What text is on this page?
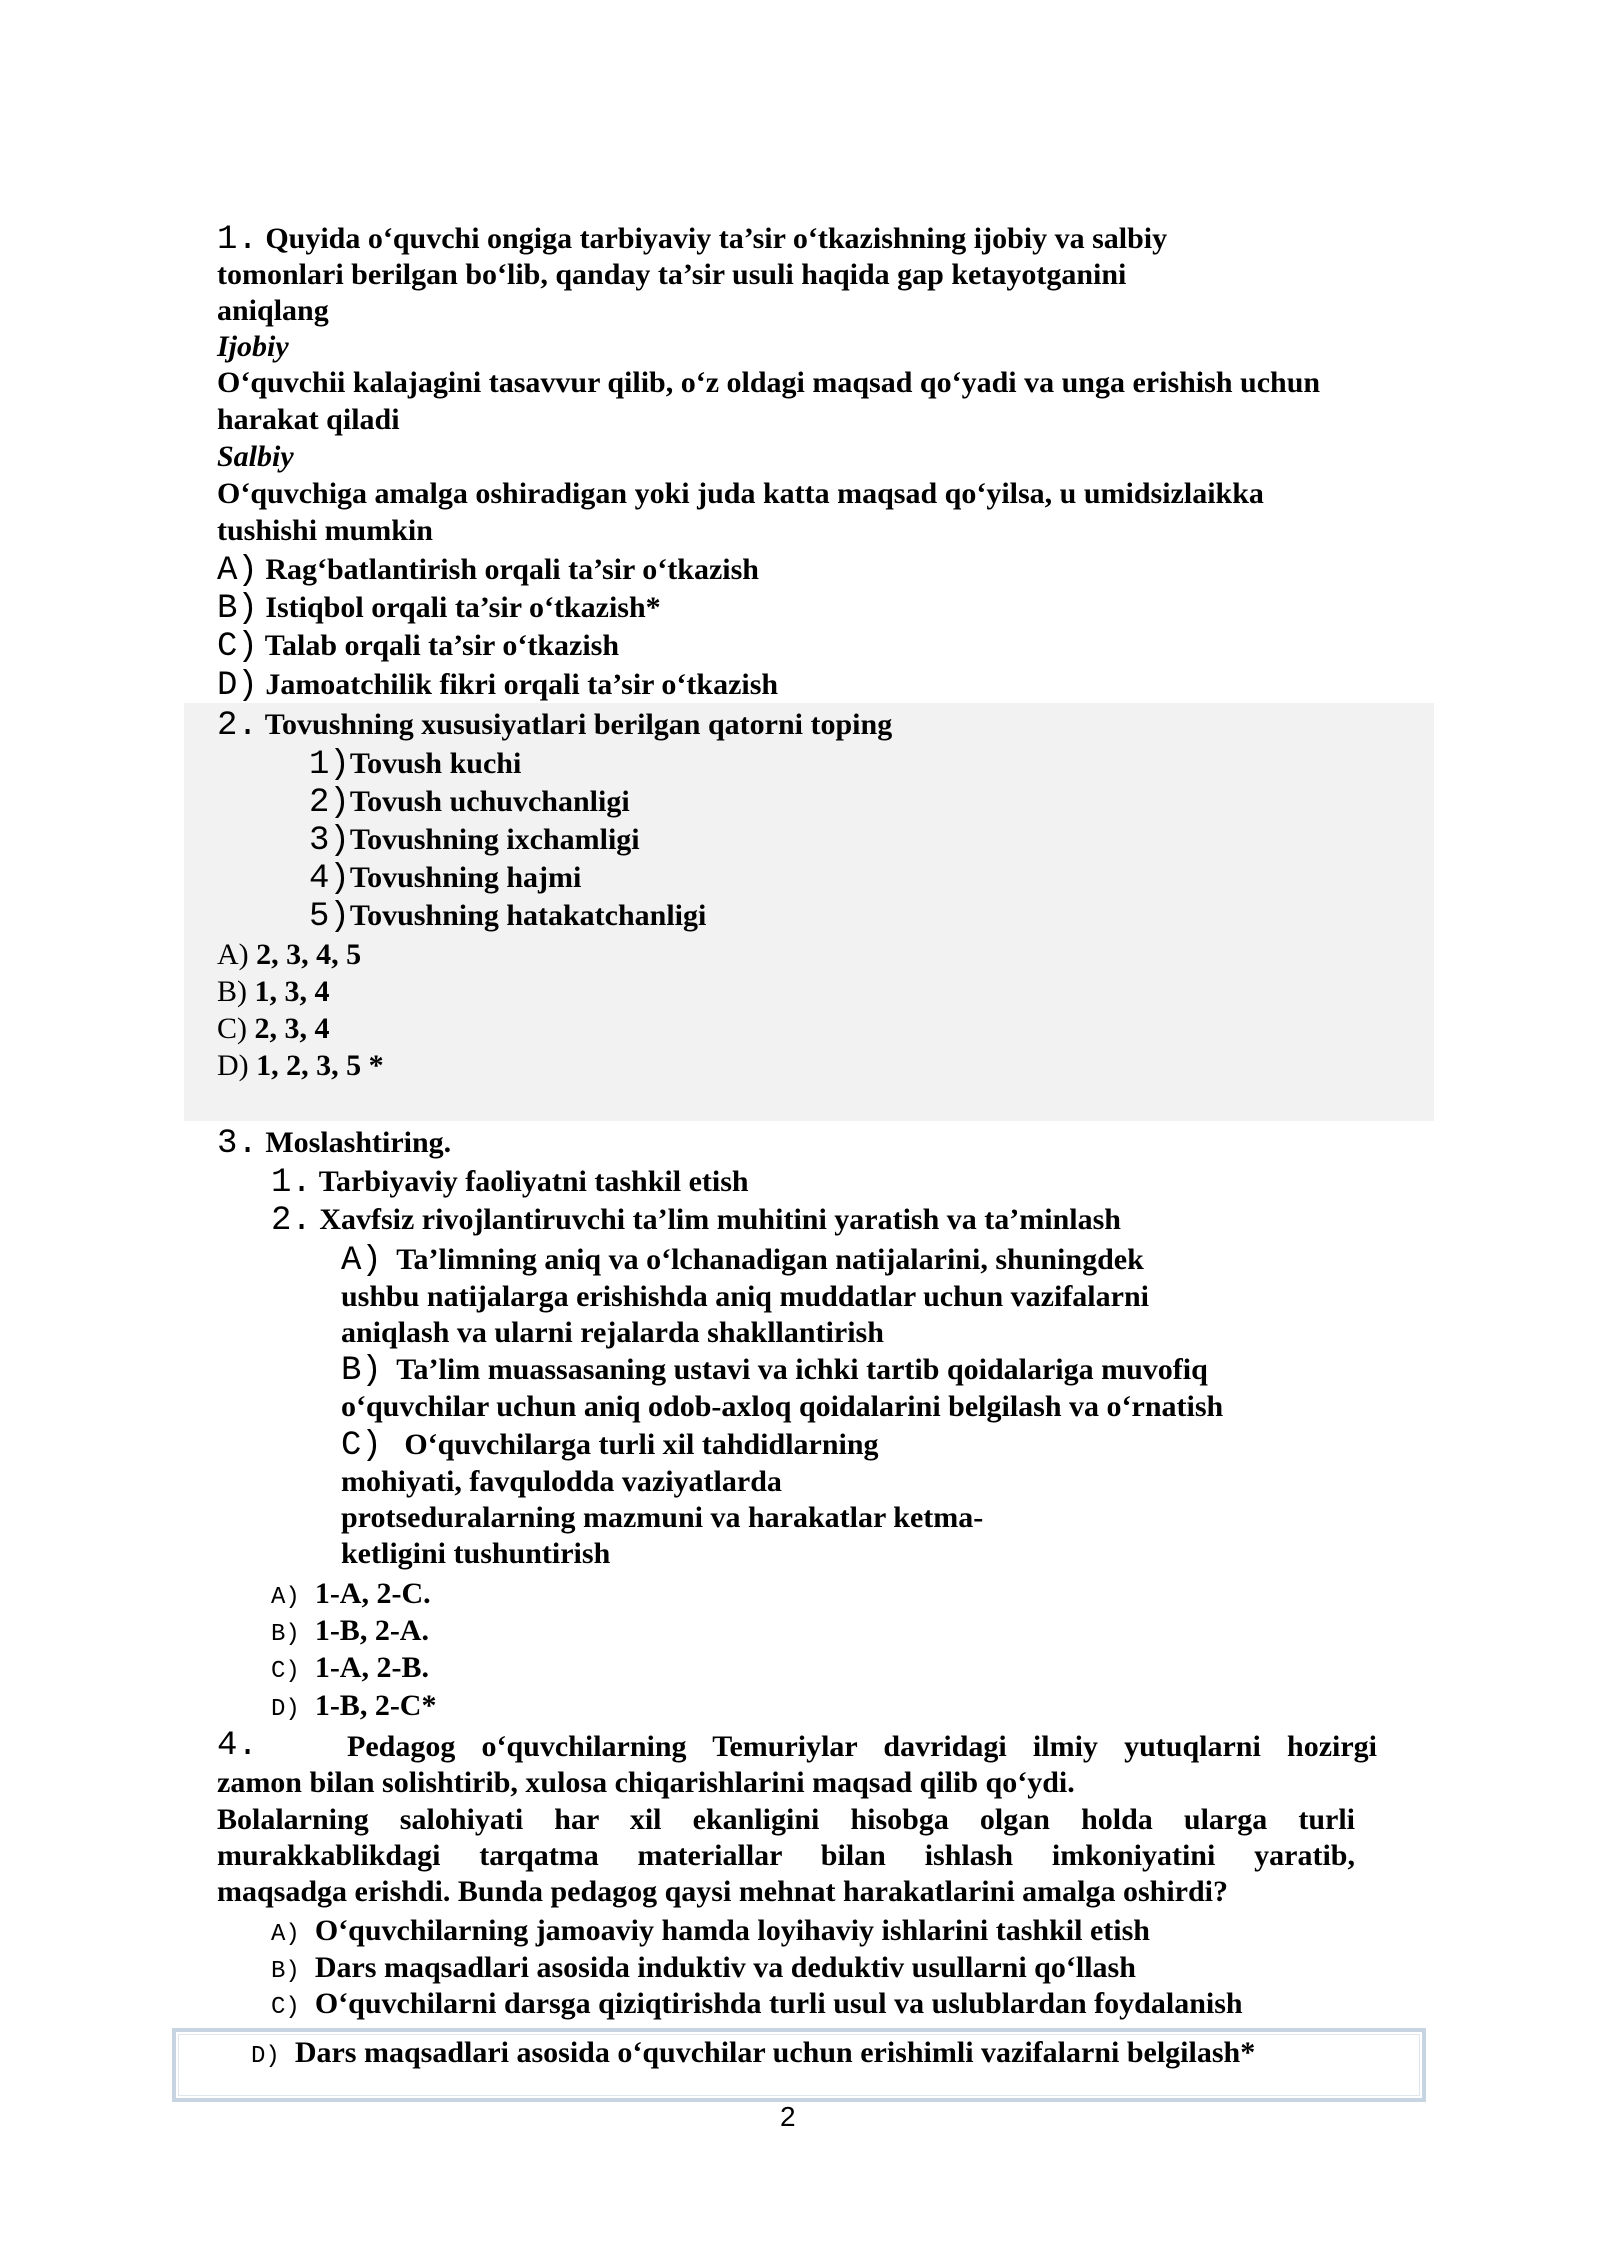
1. Quyida o‘quvchi ongiga tarbiyaviy ta’sir o‘tkazishning ijobiy va salbiy
tomonlari berilgan bo‘lib, qanday ta’sir usuli haqida gap ketayotganini
aniqlang
Ijobiy
O‘quvchii kalajagini tasavvur qilib, o‘z oldagi maqsad qo‘yadi va unga erishish uchun
harakat qiladi
Salbiy
O‘quvchiga amalga oshiradigan yoki juda katta maqsad qo‘yilsa, u umidsizlaikka
tushishi mumkin
A) Rag‘batlantirish orqali ta’sir o‘tkazish
B) Istiqbol orqali ta’sir o‘tkazish*
C) Talab orqali ta’sir o‘tkazish
D) Jamoatchilik fikri orqali ta’sir o‘tkazish
2. Tovushning xususiyatlari berilgan qatorni toping
1)Tovush kuchi
2)Tovush uchuvchanligi
3)Tovushning ixchamligi
4)Tovushning hajmi
5)Tovushning hatakatchanligi
A) 2, 3, 4, 5
B) 1, 3, 4
C) 2, 3, 4
D) 1, 2, 3, 5 *
3. Moslashtiring.
1. Tarbiyaviy faoliyatni tashkil etish
2. Xavfsiz rivojlantiruvchi ta’lim muhitini yaratish va ta’minlash
A) Ta’limning aniq va o‘lchanadigan natijalarini, shuningdek
ushbu natijalarga erishishda aniq muddatlar uchun vazifalarni
aniqlash va ularni rejalarda shakllantirish
B) Ta’lim muassasaning ustavi va ichki tartib qoidalariga muvofiq
o‘quvchilar uchun aniq odob-axloq qoidalarini belgilash va o‘rnatish
C) O‘quvchilarga turli xil tahdidlarning
mohiyati, favqulodda vaziyatlarda
protseduralarning mazmuni va harakatlar ketma-
ketligini tushuntirish
A) 1-A, 2-C.
B) 1-B, 2-A.
C) 1-A, 2-B.
D) 1-B, 2-C*
4.	Pedagog o‘quvchilarning Temuriylar davridagi ilmiy yutuqlarni hozirgi
zamon bilan solishtirib, xulosa chiqarishlarini maqsad qilib qo‘ydi.
Bolalarning salohiyati har xil ekanligini hisobga olgan holda ularga turli
murakkablikdagi tarqatma materiallar bilan ishlash imkoniyatini yaratib,
maqsadga erishdi. Bunda pedagog qaysi mehnat harakatlarini amalga oshirdi?
A) O‘quvchilarning jamoaviy hamda loyihaviy ishlarini tashkil etish
B) Dars maqsadlari asosida induktiv va deduktiv usullarni qo‘llash
C) O‘quvchilarni darsga qiziqtirishda turli usul va uslublardan foydalanish
D) Dars maqsadlari asosida o‘quvchilar uchun erishimli vazifalarni belgilash*
2
